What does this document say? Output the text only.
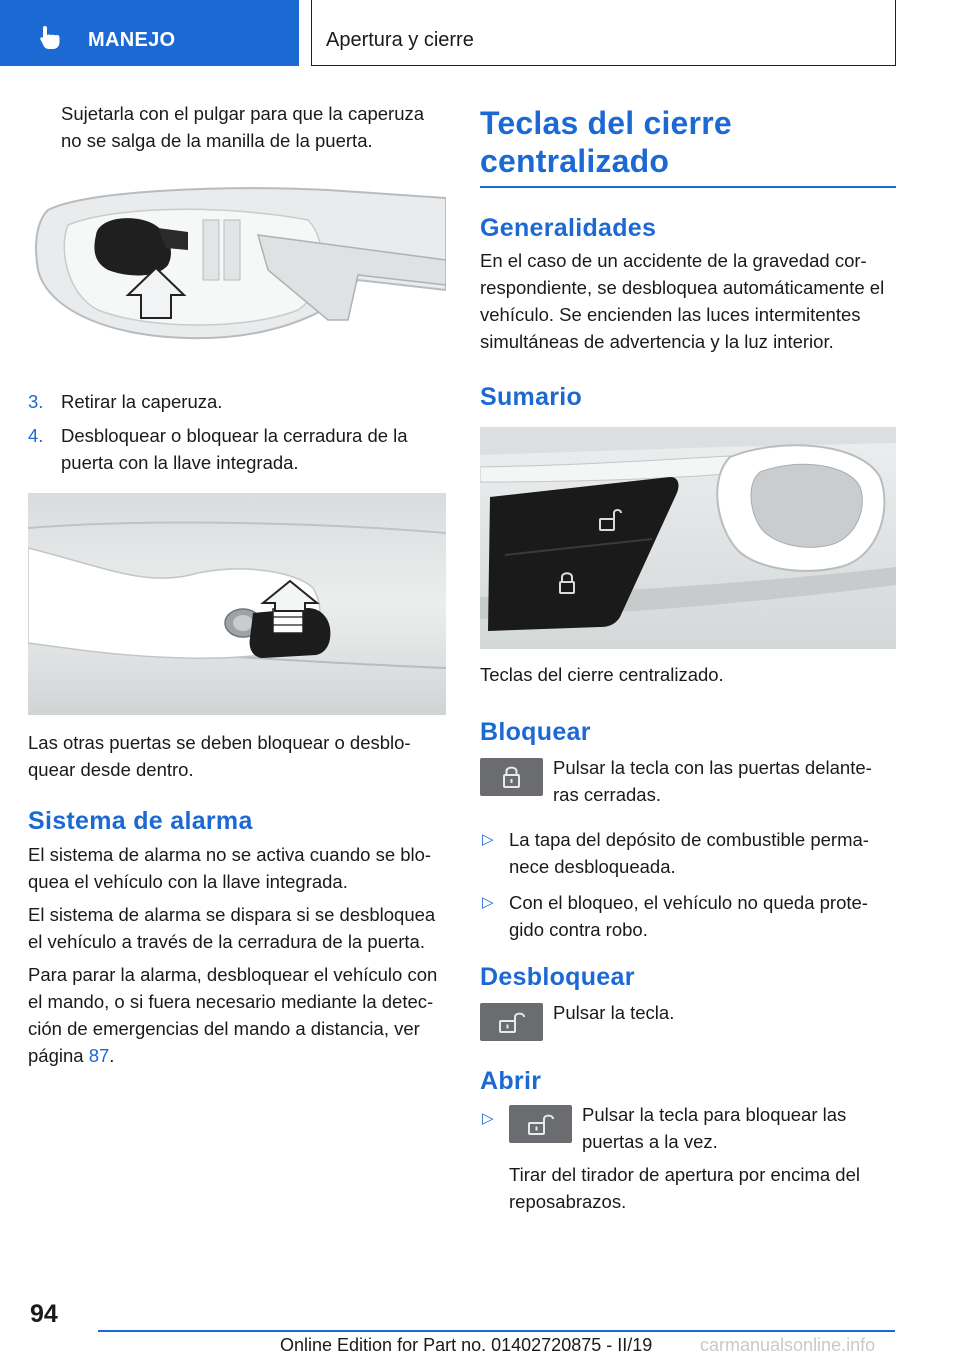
MANEJO	Apertura y cierre

Sujetarla con el pulgar para que la caperuza no se salga de la manilla de la puerta.

3. Retirar la caperuza.
4. Desbloquear o bloquear la cerradura de la puerta con la llave integrada.

Las otras puertas se deben bloquear o desblo‐ quear desde dentro.

Sistema de alarma

El sistema de alarma no se activa cuando se blo‐ quea el vehículo con la llave integrada.

El sistema de alarma se dispara si se desbloquea el vehículo a través de la cerradura de la puerta.

Para parar la alarma, desbloquear el vehículo con el mando, o si fuera necesario mediante la detec‐ ción de emergencias del mando a distancia, ver página 87.

Teclas del cierre
centralizado
Generalidades

En el caso de un accidente de la gravedad cor‐ respondiente, se desbloquea automáticamente el vehículo. Se encienden las luces intermitentes simultáneas de advertencia y la luz interior.

Sumario

Teclas del cierre centralizado.

Bloquear

Pulsar la tecla con las puertas delante‐ ras cerradas.

▷ La tapa del depósito de combustible perma‐ nece desbloqueada.
▷ Con el bloqueo, el vehículo no queda prote‐ gido contra robo.
Desbloquear

Pulsar la tecla.

Abrir
▷	Pulsar la tecla para bloquear las puertas a la vez.

Tirar del tirador de apertura por encima del reposabrazos.

94
Online Edition for Part no. 01402720875 - II/19	carmanualsonline.info
